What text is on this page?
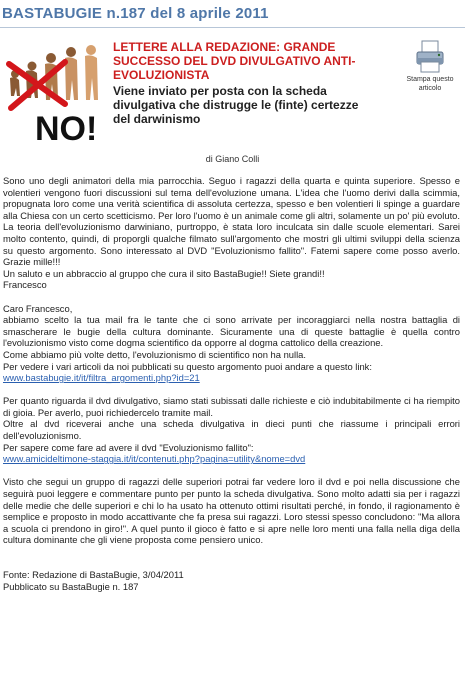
BASTABUGIE n.187 del 8 aprile 2011
NO!
LETTERE ALLA REDAZIONE: GRANDE SUCCESSO DEL DVD DIVULGATIVO ANTI-EVOLUZIONISTA
Viene inviato per posta con la scheda divulgativa che distrugge le (finte) certezze del darwinismo
Stampa questo articolo
di Giano Colli

Sono uno degli animatori della mia parrocchia. Seguo i ragazzi della quarta e quinta superiore. Spesso e volentieri vengono fuori discussioni sul tema dell'evoluzione umana. L'idea che l'uomo derivi dalla scimmia, propugnata loro come una verità scientifica di assoluta certezza, spesso e ben volentieri li spinge a guardare alla Chiesa con un certo scetticismo. Per loro l'uomo è un animale come gli altri, solamente un po' più evoluto. La teoria dell'evoluzionismo darwiniano, purtroppo, è stata loro inculcata sin dalle scuole elementari. Sarei molto contento, quindi, di proporgli qualche filmato sull'argomento che mostri gli ultimi sviluppi della scienza su questo argomento. Sono interessato al DVD "Evoluzionismo fallito". Fatemi sapere come posso averlo. Grazie mille!!!

Un saluto e un abbraccio al gruppo che cura il sito BastaBugie!! Siete grandi!!

Francesco

Caro Francesco,

abbiamo scelto la tua mail fra le tante che ci sono arrivate per incoraggiarci nella nostra battaglia di smascherare le bugie della cultura dominante. Sicuramente una di queste battaglie è quella contro l'evoluzionismo visto come dogma scientifico da opporre al dogma cattolico della creazione.

Come abbiamo più volte detto, l'evoluzionismo di scientifico non ha nulla.

Per vedere i vari articoli da noi pubblicati su questo argomento puoi andare a questo link:

www.bastabugie.it/it/filtra_argomenti.php?id=21

Per quanto riguarda il dvd divulgativo, siamo stati subissati dalle richieste e ciò indubitabilmente ci ha riempito di gioia. Per averlo, puoi richiedercelo tramite mail.

Oltre al dvd riceverai anche una scheda divulgativa in dieci punti che riassume i principali errori dell'evoluzionismo.

Per sapere come fare ad avere il dvd "Evoluzionismo fallito":

www.amicideltimone-staggia.it/it/contenuti.php?pagina=utility&nome=dvd

Visto che segui un gruppo di ragazzi delle superiori potrai far vedere loro il dvd e poi nella discussione che seguirà puoi leggere e commentare punto per punto la scheda divulgativa. Sono molto adatti sia per i ragazzi delle medie che delle superiori e chi lo ha usato ha ottenuto ottimi risultati perché, in fondo, il ragionamento è semplice e proposto in modo accattivante che fa presa sui ragazzi. Loro stessi spesso concludono: "Ma allora a scuola ci prendono in giro!". A quel punto il gioco è fatto e si apre nelle loro menti una falla nella diga della cultura dominante che gli viene proposta come pensiero unico.

Fonte: Redazione di BastaBugie, 3/04/2011

Pubblicato su BastaBugie n. 187
